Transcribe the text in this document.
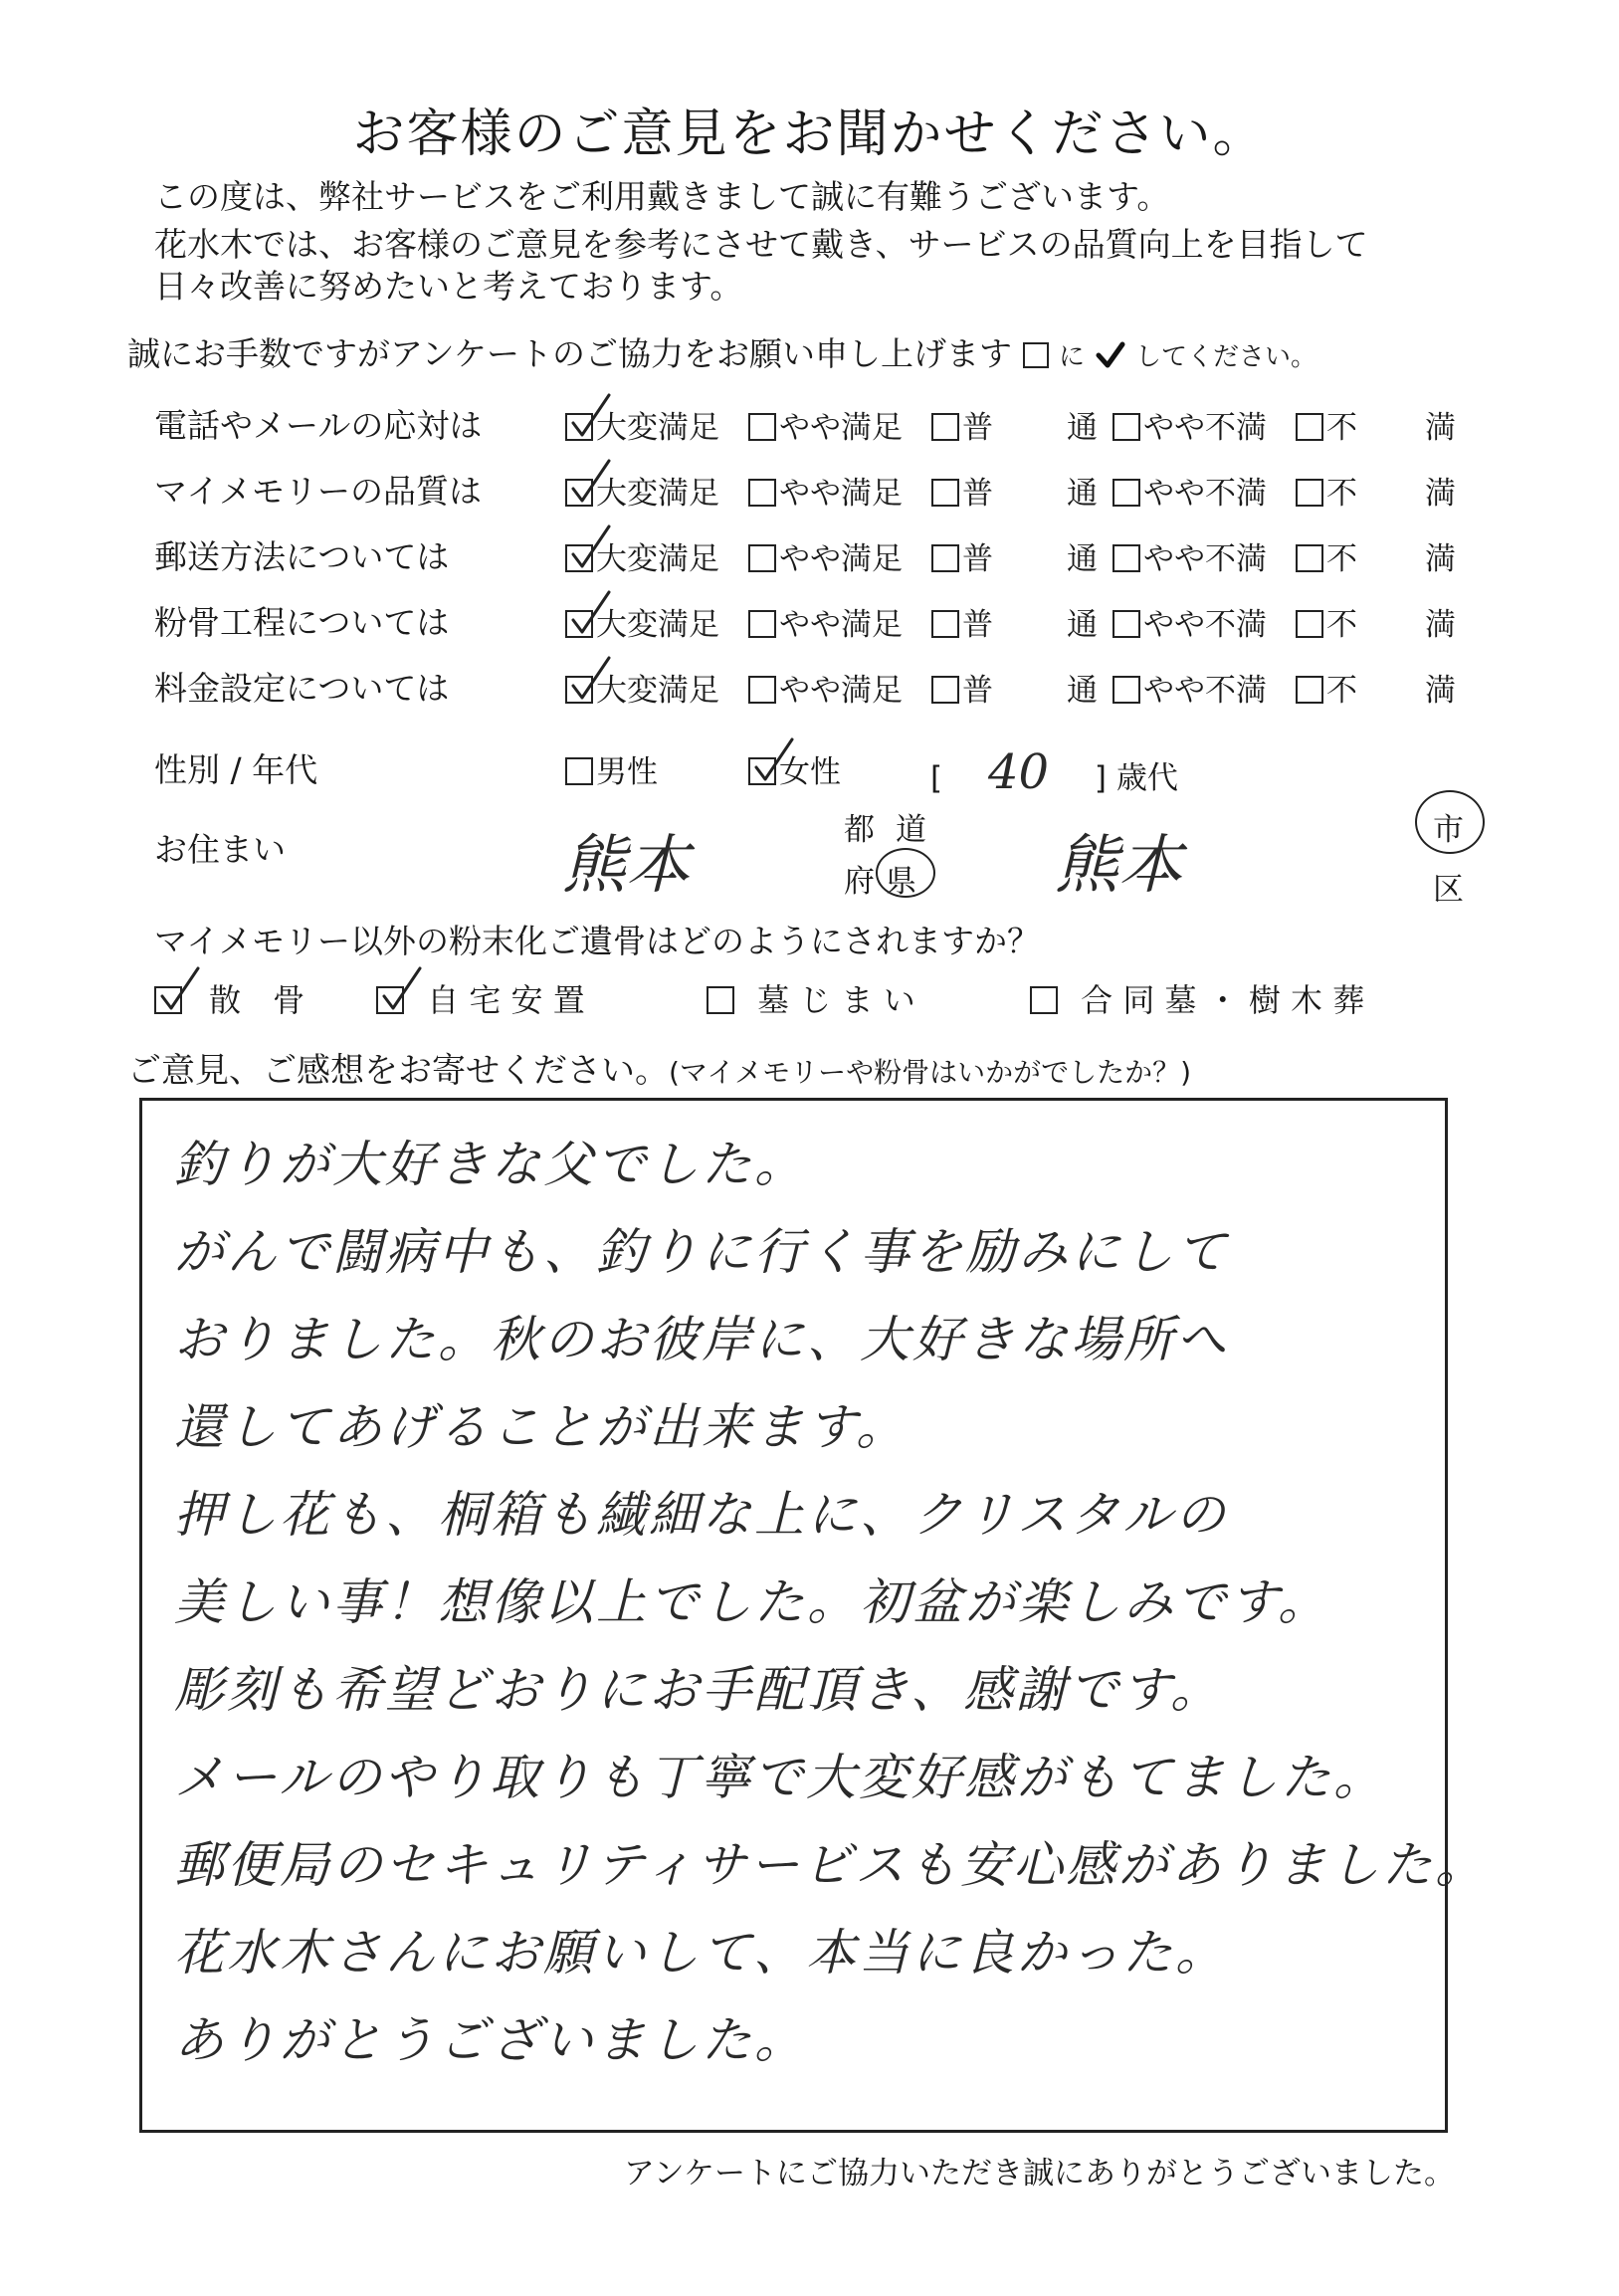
お客様のご意見をお聞かせください。
この度は、弊社サービスをご利用戴きまして誠に有難うございます。
花水木では、お客様のご意見を参考にさせて戴き、サービスの品質向上を目指して
日々改善に努めたいと考えております。
誠にお手数ですがアンケートのご協力をお願い申し上げます に してください。
電話やメールの応対は	大変満足	やや満足	普 通	やや不満	不 満
マイメモリーの品質は	大変満足	やや満足	普 通	やや不満	不 満
郵送方法については	大変満足	やや満足	普 通	やや不満	不 満
粉骨工程については	大変満足	やや満足	普 通	やや不満	不 満
料金設定については	大変満足	やや満足	普 通	やや不満	不 満
性別 / 年代	男性	女性	[ 40 ] 歳代
お住まい	熊本	都 道
府 県 熊本	市
区
マイメモリー以外の粉末化ご遺骨はどのようにされますか？
散　骨	自 宅 安 置	墓 じ ま い	合 同 墓 ・ 樹 木 葬
ご意見、ご感想をお寄せください。(マイメモリーや粉骨はいかがでしたか？)
釣りが大好きな父でした。
がんで闘病中も、釣りに行く事を励みにして
おりました。秋のお彼岸に、大好きな場所へ
還してあげることが出来ます。
押し花も、桐箱も繊細な上に、クリスタルの
美しい事！想像以上でした。初盆が楽しみです。
彫刻も希望どおりにお手配頂き、感謝です。
メールのやり取りも丁寧で大変好感がもてました。
郵便局のセキュリティサービスも安心感がありました。
花水木さんにお願いして、本当に良かった。
ありがとうございました。
アンケートにご協力いただき誠にありがとうございました。
